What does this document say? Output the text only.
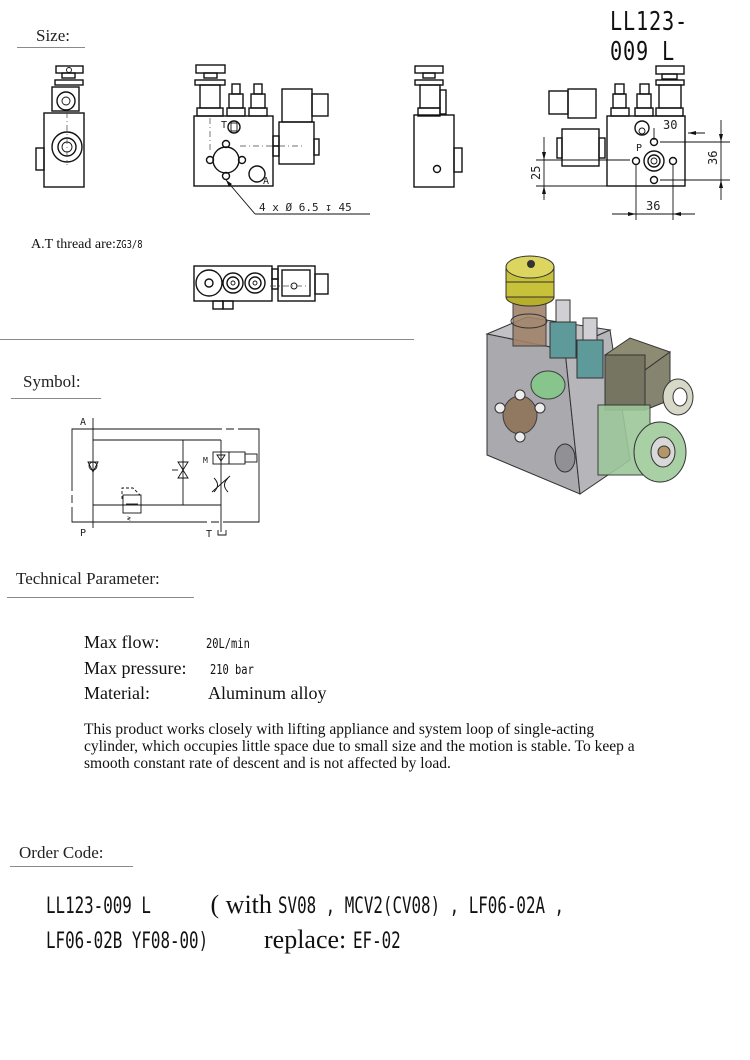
LL123-009 L
Size:
T
A
4 x Ø 6.5 ↧ 45
P
30
36
25
36
A.T thread are:ZG3/8
Symbol:
A
P
≷
M
T
Technical Parameter:
Max flow:	20L/min
Max pressure: 210 bar
Material:	Aluminum alloy
This product works closely with lifting appliance and system loop of single-acting cylinder, which occupies little space due to small size and the motion is stable. To keep a smooth constant rate of descent and is not affected by load.
Order Code:
LL123-009 L ( with SV08 , MCV2(CV08) , LF06-02A ,
LF06-02B YF08-00) replace: EF-02
